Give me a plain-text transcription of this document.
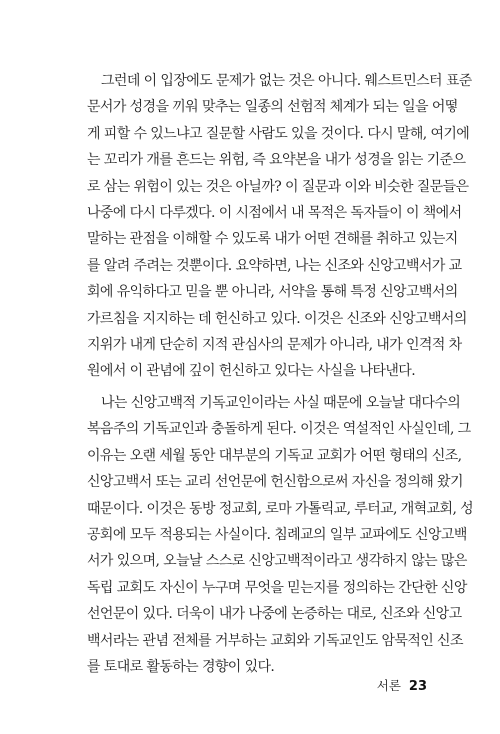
그런데 이 입장에도 문제가 없는 것은 아니다. 웨스트민스터 표준
문서가 성경을 끼워 맞추는 일종의 선험적 체계가 되는 일을 어떻
게 피할 수 있느냐고 질문할 사람도 있을 것이다. 다시 말해, 여기에
는 꼬리가 개를 흔드는 위험, 즉 요약본을 내가 성경을 읽는 기준으
로 삼는 위험이 있는 것은 아닐까? 이 질문과 이와 비슷한 질문들은
나중에 다시 다루겠다. 이 시점에서 내 목적은 독자들이 이 책에서
말하는 관점을 이해할 수 있도록 내가 어떤 견해를 취하고 있는지
를 알려 주려는 것뿐이다. 요약하면, 나는 신조와 신앙고백서가 교
회에 유익하다고 믿을 뿐 아니라, 서약을 통해 특정 신앙고백서의
가르침을 지지하는 데 헌신하고 있다. 이것은 신조와 신앙고백서의
지위가 내게 단순히 지적 관심사의 문제가 아니라, 내가 인격적 차
원에서 이 관념에 깊이 헌신하고 있다는 사실을 나타낸다.

나는 신앙고백적 기독교인이라는 사실 때문에 오늘날 대다수의
복음주의 기독교인과 충돌하게 된다. 이것은 역설적인 사실인데, 그
이유는 오랜 세월 동안 대부분의 기독교 교회가 어떤 형태의 신조,
신앙고백서 또는 교리 선언문에 헌신함으로써 자신을 정의해 왔기
때문이다. 이것은 동방 정교회, 로마 가톨릭교, 루터교, 개혁교회, 성
공회에 모두 적용되는 사실이다. 침례교의 일부 교파에도 신앙고백
서가 있으며, 오늘날 스스로 신앙고백적이라고 생각하지 않는 많은
독립 교회도 자신이 누구며 무엇을 믿는지를 정의하는 간단한 신앙
선언문이 있다. 더욱이 내가 나중에 논증하는 대로, 신조와 신앙고
백서라는 관념 전체를 거부하는 교회와 기독교인도 암묵적인 신조
를 토대로 활동하는 경향이 있다.

서론 23
